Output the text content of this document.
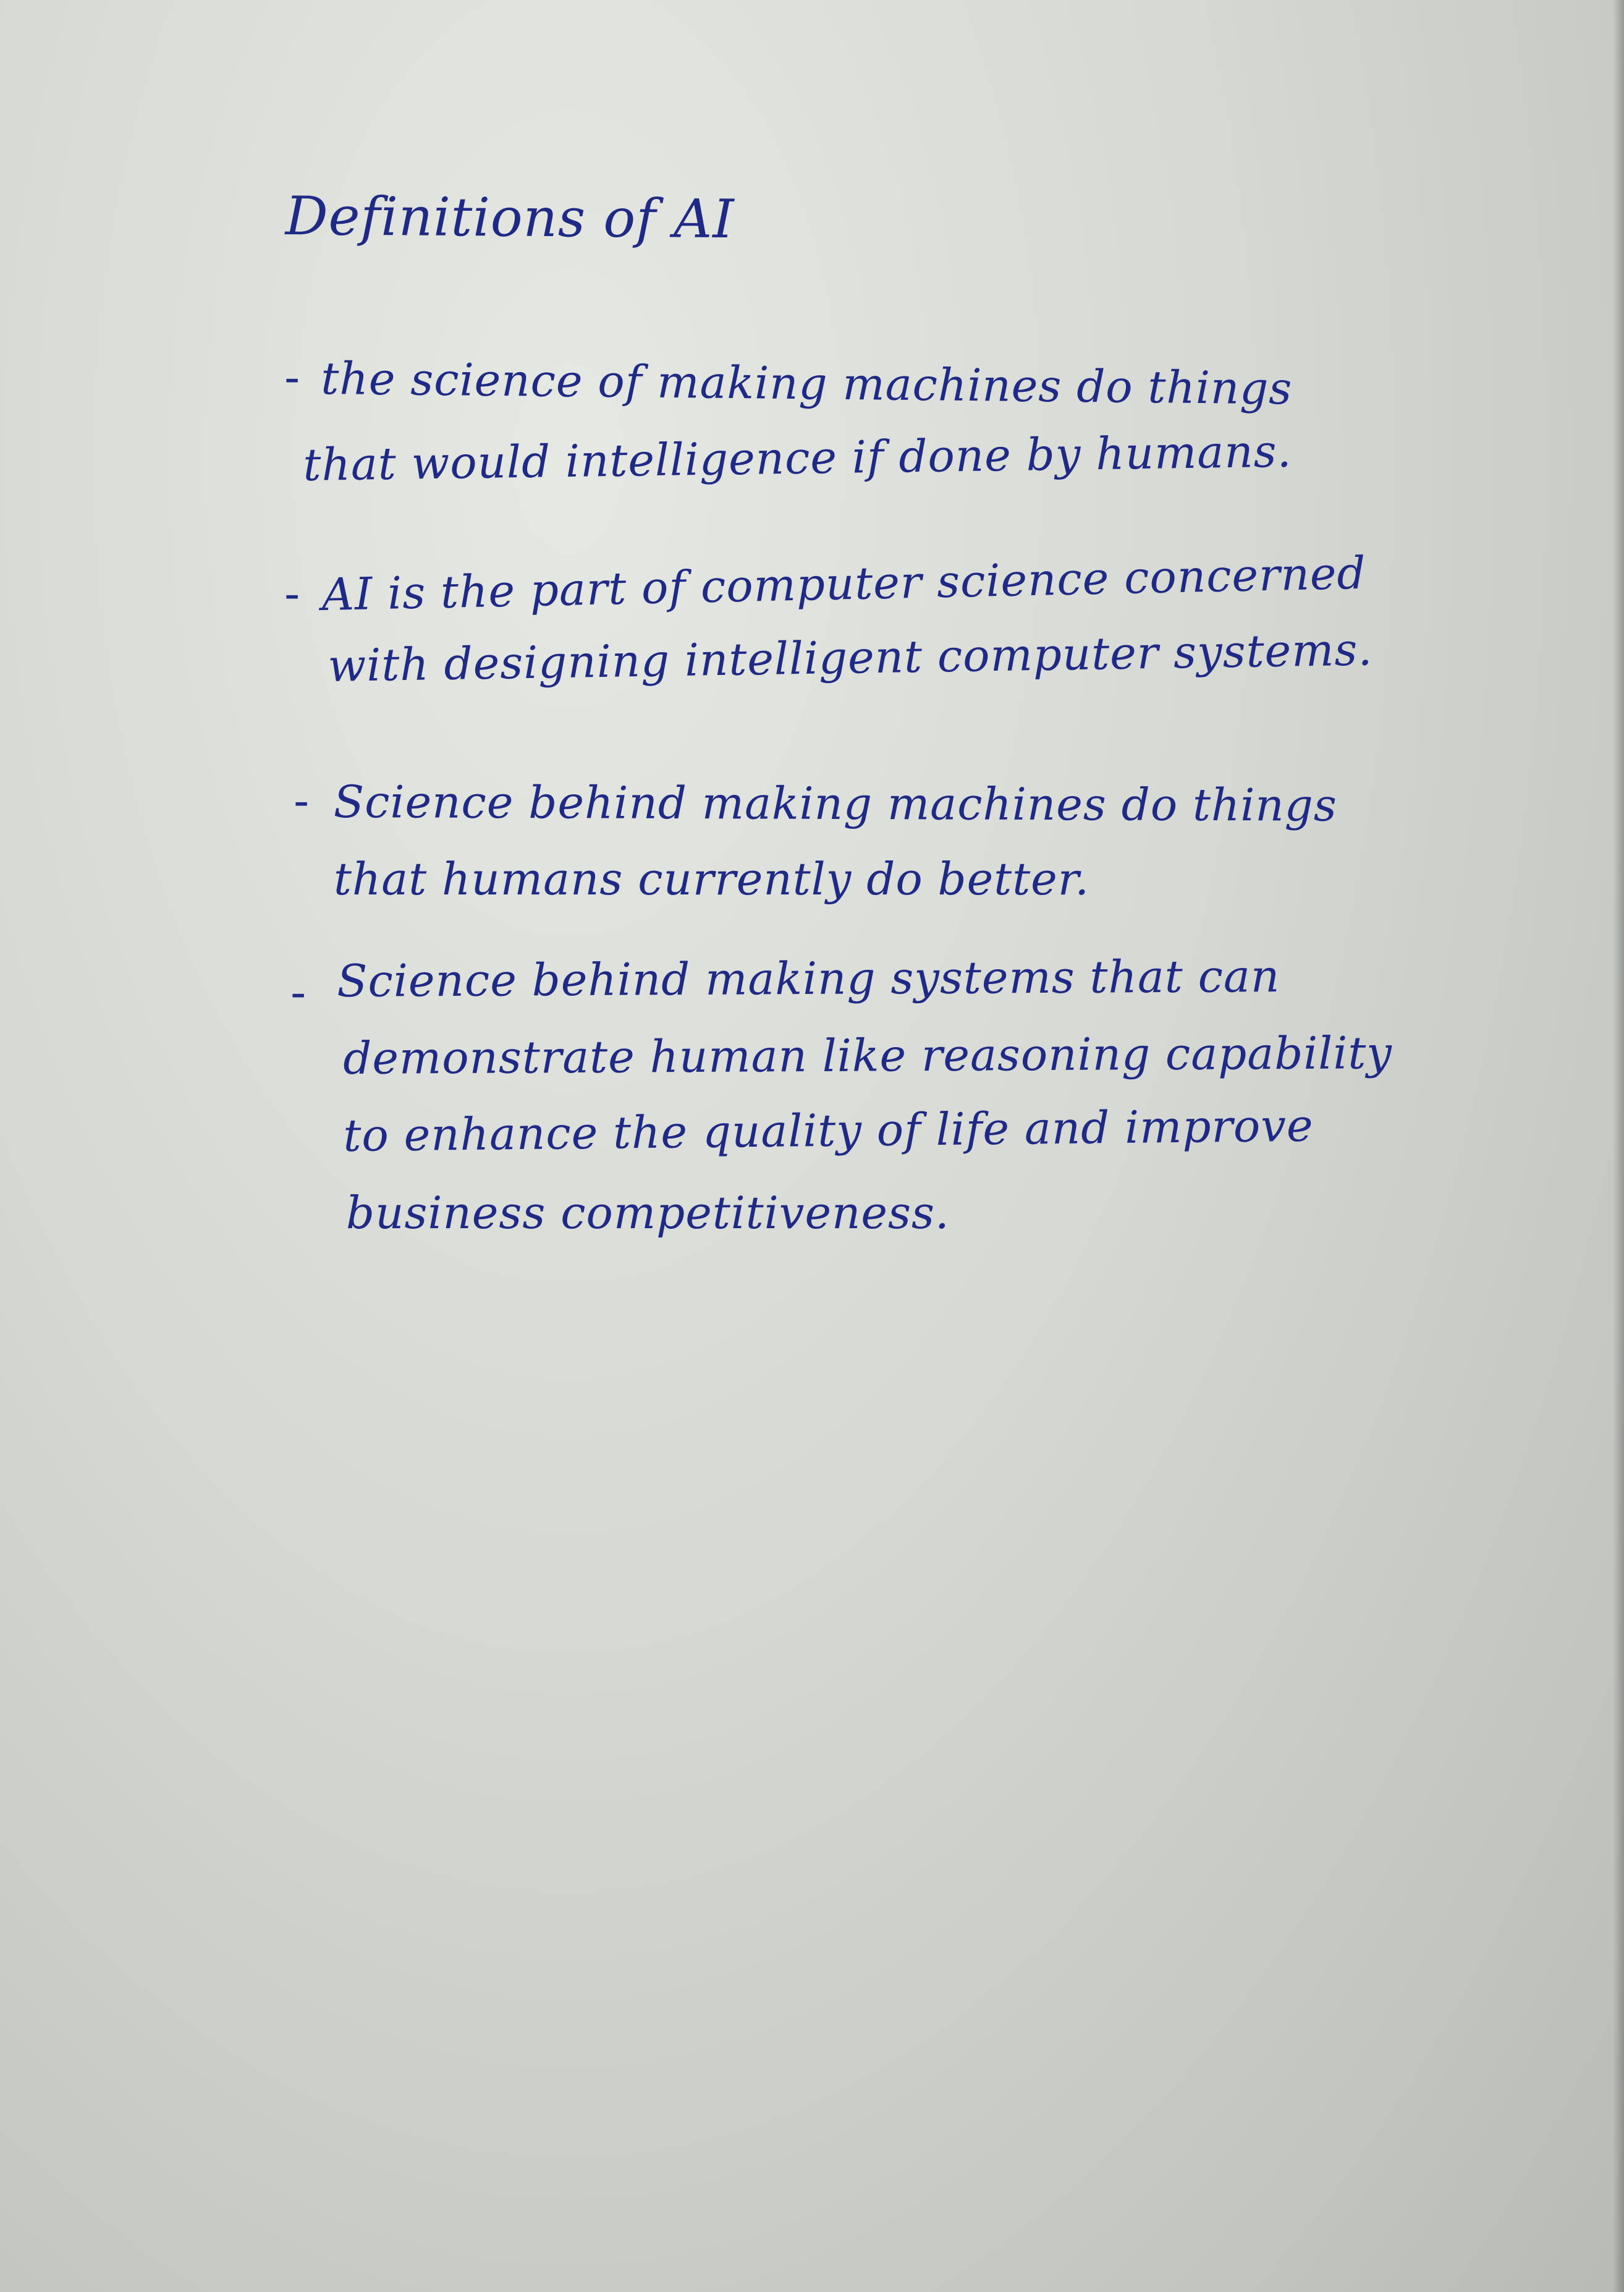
Definitions of AI
- the science of making machines do things
that would intelligence if done by humans.
- AI is the part of computer science concerned
with designing intelligent computer systems.
- Science behind making machines do things
that humans currently do better.
- Science behind making systems that can
demonstrate human like reasoning capability
to enhance the quality of life and improve
business competitiveness.
